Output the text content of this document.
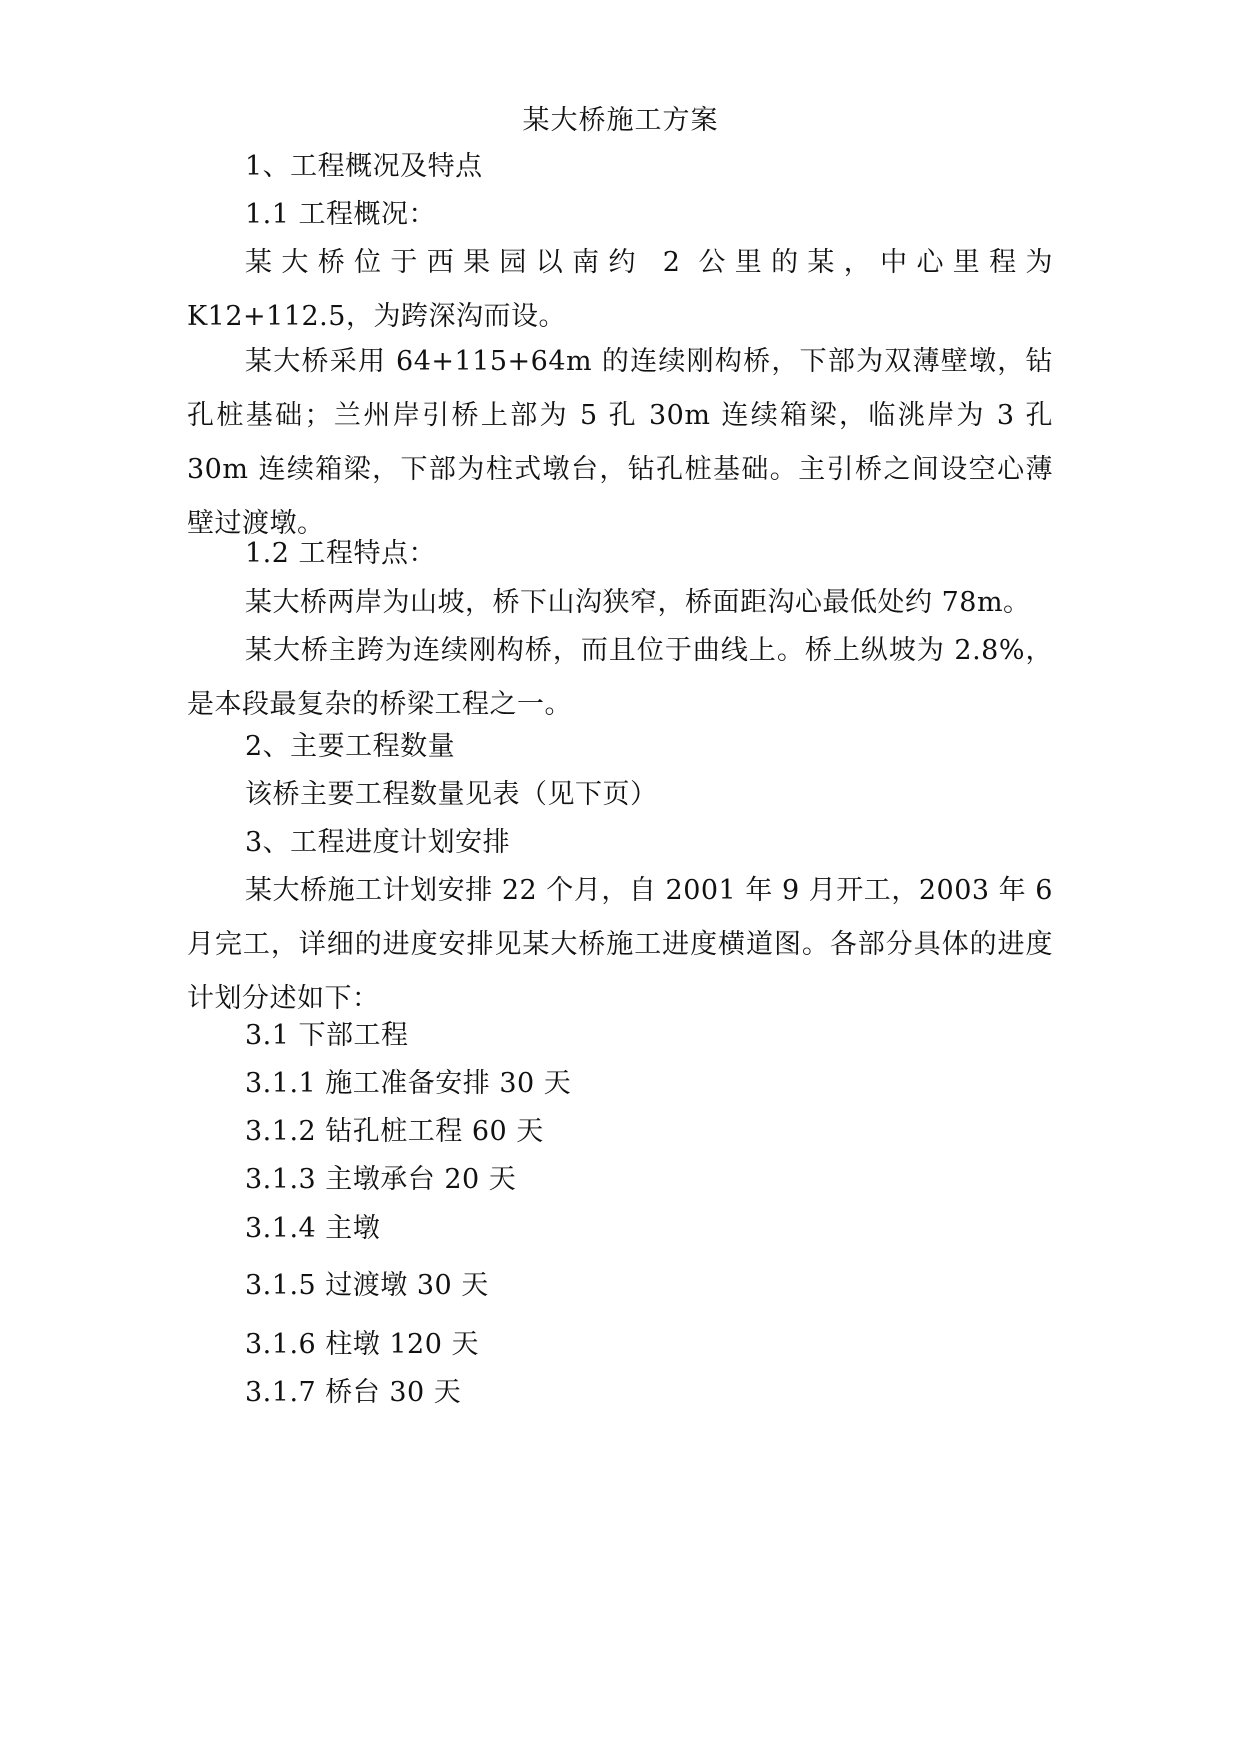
某大桥施工方案
1、工程概况及特点
1.1 工程概况：
某大桥位于西果园以南约 2 公里的某，中心里程为 K12+112.5，为跨深沟而设。
某大桥采用 64+115+64m 的连续刚构桥，下部为双薄壁墩，钻孔桩基础；兰州岸引桥上部为 5 孔 30m 连续箱梁，临洮岸为 3 孔 30m 连续箱梁，下部为柱式墩台，钻孔桩基础。主引桥之间设空心薄壁过渡墩。
1.2 工程特点：
某大桥两岸为山坡，桥下山沟狭窄，桥面距沟心最低处约 78m。
某大桥主跨为连续刚构桥，而且位于曲线上。桥上纵坡为 2.8%，是本段最复杂的桥梁工程之一。
2、主要工程数量
该桥主要工程数量见表（见下页）
3、工程进度计划安排
某大桥施工计划安排 22 个月，自 2001 年 9 月开工，2003 年 6 月完工，详细的进度安排见某大桥施工进度横道图。各部分具体的进度计划分述如下：
3.1 下部工程
3.1.1 施工准备安排 30 天
3.1.2 钻孔桩工程 60 天
3.1.3 主墩承台 20 天
3.1.4 主墩
3.1.5 过渡墩 30 天
3.1.6 柱墩 120 天
3.1.7 桥台 30 天
